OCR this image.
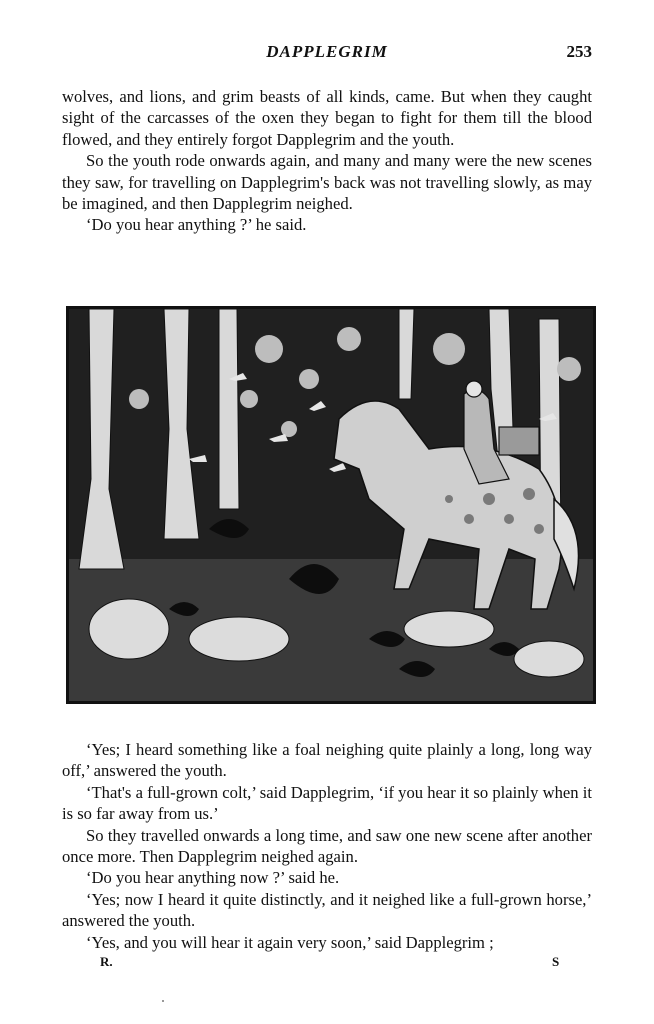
DAPPLEGRIM	253

wolves, and lions, and grim beasts of all kinds, came. But when they caught sight of the carcasses of the oxen they began to fight for them till the blood flowed, and they entirely forgot Dapplegrim and the youth.

So the youth rode onwards again, and many and many were the new scenes they saw, for travelling on Dapplegrim's back was not travelling slowly, as may be imagined, and then Dapplegrim neighed.

‘Do you hear anything ?’ he said.

‘Yes; I heard something like a foal neighing quite plainly a long, long way off,’ answered the youth.

‘That's a full-grown colt,’ said Dapplegrim, ‘if you hear it so plainly when it is so far away from us.’

So they travelled onwards a long time, and saw one new scene after another once more. Then Dapplegrim neighed again.

‘Do you hear anything now ?’ said he.

‘Yes; now I heard it quite distinctly, and it neighed like a full-grown horse,’ answered the youth.

‘Yes, and you will hear it again very soon,’ said Dapplegrim ;

R.	S
